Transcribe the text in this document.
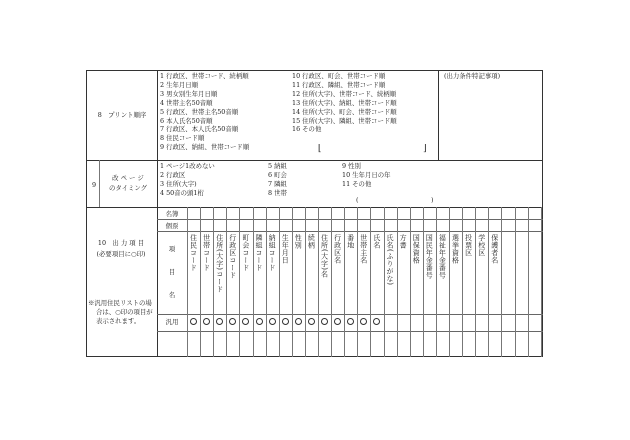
8　プリント順序
⌊	⌋
(出力条件特記事項)
9
改 ペ ー ジ
のタイミング
(	)
10　出 力 項 目
(必要項目に○印)
※汎用住民リストの場
合は、○印の項目が
表示されます。
名簿
個票
項
目
名
汎用
1 行政区、世帯コード、続柄順
2 生年月日順
3 男女別生年月日順
4 世帯主名50音順
5 行政区、世帯主名50音順
6 本人氏名50音順
7 行政区、本人氏名50音順
8 住民コード順
9 行政区、納組、世帯コード順
10 行政区、町会、世帯コード順
11 行政区、隣組、世帯コード順
12 住所(大字)、世帯コード、続柄順
13 住所(大字)、納組、世帯コード順
14 住所(大字)、町会、世帯コード順
15 住所(大字)、隣組、世帯コード順
16 その他
1 ページ1改めない
2 行政区
3 住所(大字)
4 50音の頭1桁
5 納組
6 町会
7 隣組
8 世帯
9 性別
10 生年月日の年
11 その他
住民コード 世帯コード 住所(大字)コード 行政区コード 町会コード 隣組コード 納組コード 生年月日 性別 続柄 住所(大字)名 行政区名 番地 世帯主名 氏名 氏名(ふりがな) 方書 国保資格 国民年金番号 福祉年金番号 選挙資格 投票区 学校区 保護者名
